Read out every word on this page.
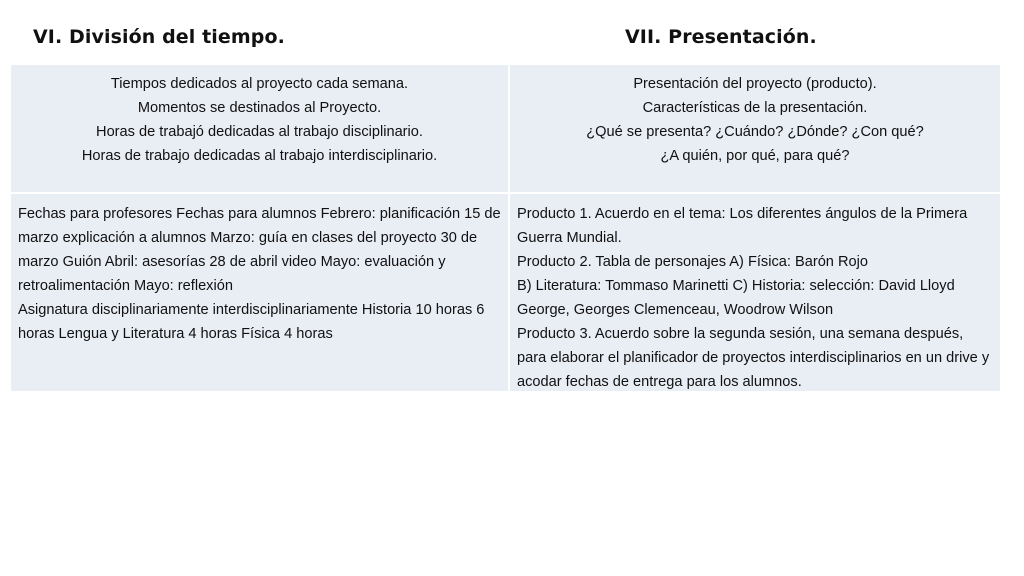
VI. División del tiempo.	VII. Presentación.
Tiempos dedicados al proyecto cada semana.
Momentos se destinados al Proyecto.
Horas de trabajó dedicadas al trabajo disciplinario.
Horas de trabajo dedicadas al trabajo interdisciplinario.
Presentación del proyecto (producto).
Características de la presentación.
¿Qué se presenta? ¿Cuándo? ¿Dónde? ¿Con qué?
¿A quién, por qué, para qué?
Fechas para profesores Fechas para alumnos Febrero: planificación 15 de marzo explicación a alumnos Marzo: guía en clases del proyecto 30 de marzo Guión Abril: asesorías 28 de abril video Mayo: evaluación y retroalimentación Mayo: reflexión
Asignatura disciplinariamente interdisciplinariamente Historia 10 horas 6 horas Lengua y Literatura 4 horas Física 4 horas
Producto 1. Acuerdo en el tema: Los diferentes ángulos de la Primera Guerra Mundial.
Producto 2. Tabla de personajes A) Física: Barón Rojo
B) Literatura: Tommaso Marinetti C) Historia: selección: David Lloyd George, Georges Clemenceau, Woodrow Wilson
Producto 3. Acuerdo sobre la segunda sesión, una semana después, para elaborar el planificador de proyectos interdisciplinarios en un drive y acodar fechas de entrega para los alumnos.
